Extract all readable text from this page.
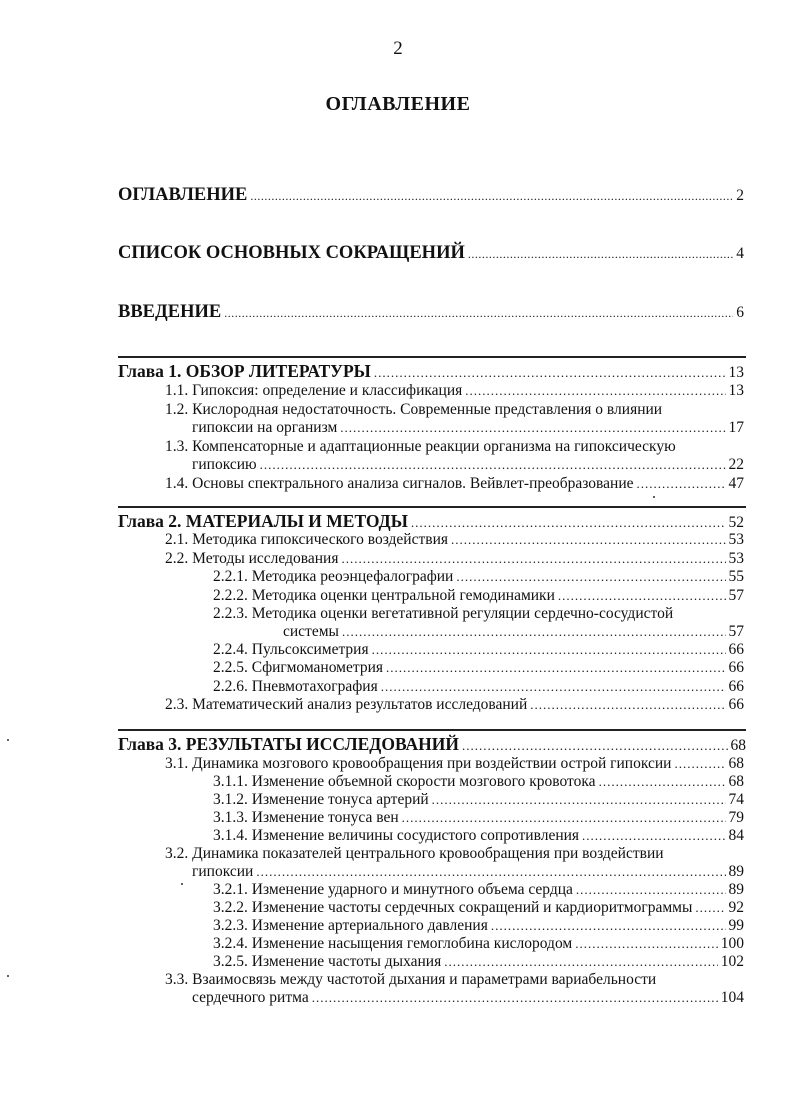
2
ОГЛАВЛЕНИЕ
ОГЛАВЛЕНИЕ .....	2
СПИСОК ОСНОВНЫХ СОКРАЩЕНИЙ .....	4
ВВЕДЕНИЕ .....	6
Глава 1. ОБЗОР ЛИТЕРАТУРЫ .....	13
1.1. Гипоксия: определение и классификация .....	13
1.2. Кислородная недостаточность. Современные представления о влиянии
гипоксии на организм .....	17
1.3. Компенсаторные и адаптационные реакции организма на гипоксическую
гипоксию .....	22
1.4. Основы спектрального анализа сигналов. Вейвлет-преобразование .....	47
Глава 2. МАТЕРИАЛЫ И МЕТОДЫ .....	52
2.1. Методика гипоксического воздействия .....	53
2.2. Методы исследования .....	53
2.2.1. Методика реоэнцефалографии .....	55
2.2.2. Методика оценки центральной гемодинамики .....	57
2.2.3. Методика оценки вегетативной регуляции сердечно-сосудистой
системы .....	57
2.2.4. Пульсоксиметрия .....	66
2.2.5. Сфигмоманометрия .....	66
2.2.6. Пневмотахография .....	66
2.3. Математический анализ результатов исследований .....	66
Глава 3. РЕЗУЛЬТАТЫ ИССЛЕДОВАНИЙ .....	68
3.1. Динамика мозгового кровообращения при воздействии острой гипоксии .....	68
3.1.1. Изменение объемной скорости мозгового кровотока .....	68
3.1.2. Изменение тонуса артерий .....	74
3.1.3. Изменение тонуса вен .....	79
3.1.4. Изменение величины сосудистого сопротивления .....	84
3.2. Динамика показателей центрального кровообращения при воздействии
гипоксии .....	89
3.2.1. Изменение ударного и минутного объема сердца .....	89
3.2.2. Изменение частоты сердечных сокращений и кардиоритмограммы ..... 92
3.2.3. Изменение артериального давления .....	99
3.2.4. Изменение насыщения гемоглобина кислородом .....	100
3.2.5. Изменение частоты дыхания .....	102
3.3. Взаимосвязь между частотой дыхания и параметрами вариабельности
сердечного ритма .....	104
